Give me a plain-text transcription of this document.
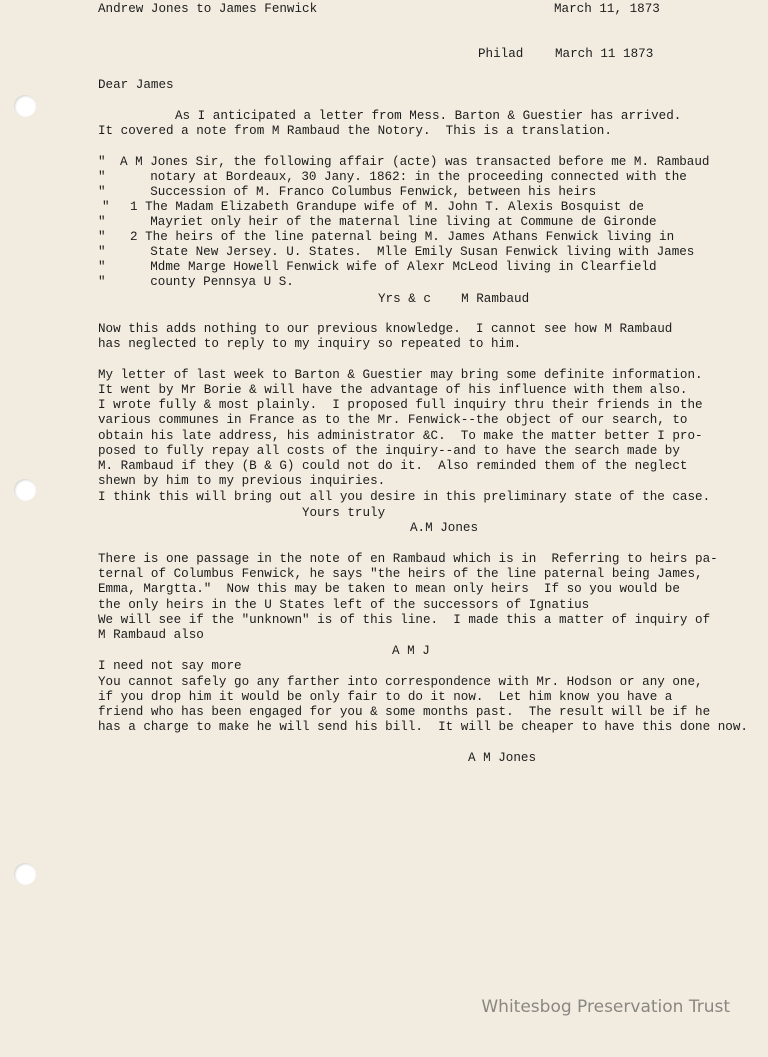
Andrew Jones to James Fenwick	March 11, 1873
Philad	March 11 1873
Dear James
As I anticipated a letter from Mess. Barton & Guestier has arrived.
It covered a note from M Rambaud the Notory.  This is a translation.
" A M Jones Sir, the following affair (acte) was transacted before me M. Rambaud
" notary at Bordeaux, 30 Jany. 1862: in the proceeding connected with the
" Succession of M. Franco Columbus Fenwick, between his heirs
" 1 The Madam Elizabeth Grandupe wife of M. John T. Alexis Bosquist de
" Mayriet only heir of the maternal line living at Commune de Gironde
" 2 The heirs of the line paternal being M. James Athans Fenwick living in
" State New Jersey. U. States.  Mlle Emily Susan Fenwick living with James
" Mdme Marge Howell Fenwick wife of Alexr McLeod living in Clearfield
" county Pennsya U S.
Yrs & c    M Rambaud
Now this adds nothing to our previous knowledge.  I cannot see how M Rambaud
has neglected to reply to my inquiry so repeated to him.
My letter of last week to Barton & Guestier may bring some definite information.
It went by Mr Borie & will have the advantage of his influence with them also.
I wrote fully & most plainly.  I proposed full inquiry thru their friends in the
various communes in France as to the Mr. Fenwick--the object of our search, to
obtain his late address, his administrator &C.  To make the matter better I pro-
posed to fully repay all costs of the inquiry--and to have the search made by
M. Rambaud if they (B & G) could not do it.  Also reminded them of the neglect
shewn by him to my previous inquiries.
I think this will bring out all you desire in this preliminary state of the case.
Yours truly
A.M Jones
There is one passage in the note of en Rambaud which is in  Referring to heirs pa-
ternal of Columbus Fenwick, he says "the heirs of the line paternal being James,
Emma, Margtta."  Now this may be taken to mean only heirs  If so you would be
the only heirs in the U States left of the successors of Ignatius
We will see if the "unknown" is of this line.  I made this a matter of inquiry of
M Rambaud also
A M J
I need not say more
You cannot safely go any farther into correspondence with Mr. Hodson or any one,
if you drop him it would be only fair to do it now.  Let him know you have a
friend who has been engaged for you & some months past.  The result will be if he
has a charge to make he will send his bill.  It will be cheaper to have this done now.
A M Jones
Whitesbog Preservation Trust
